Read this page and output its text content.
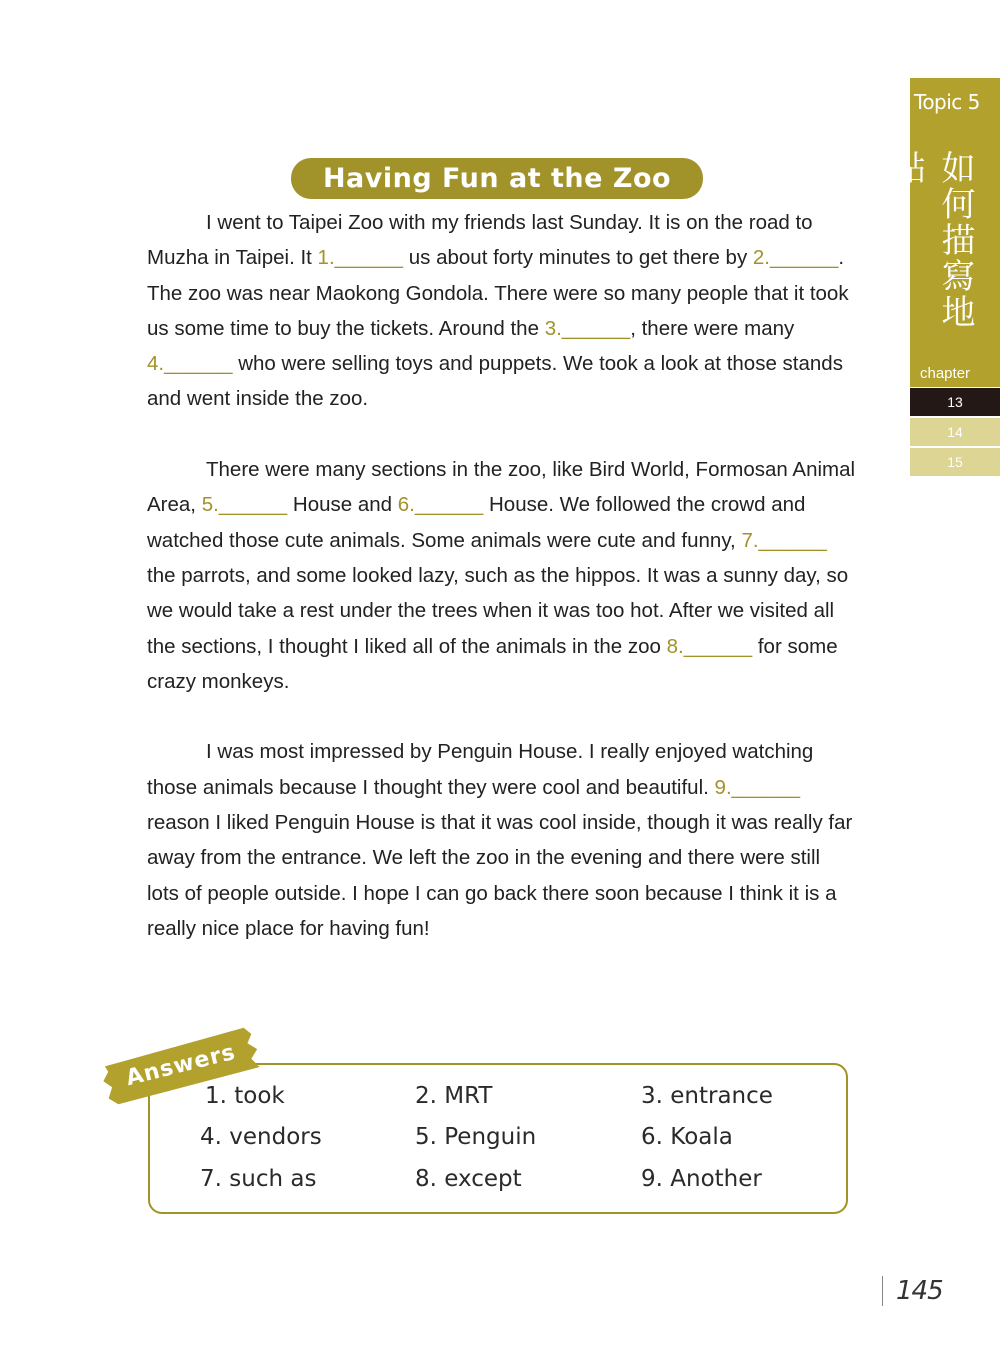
Topic 5
如何描寫地點
chapter
13
14
15
Having Fun at the Zoo

I went to Taipei Zoo with my friends last Sunday. It is on the road to Muzha in Taipei. It 1.______ us about forty minutes to get there by 2.______. The zoo was near Maokong Gondola. There were so many people that it took us some time to buy the tickets. Around the 3.______, there were many 4.______ who were selling toys and puppets. We took a look at those stands and went inside the zoo.

There were many sections in the zoo, like Bird World, Formosan Animal Area, 5.______ House and 6.______ House. We followed the crowd and watched those cute animals. Some animals were cute and funny, 7.______ the parrots, and some looked lazy, such as the hippos. It was a sunny day, so we would take a rest under the trees when it was too hot. After we visited all the sections, I thought I liked all of the animals in the zoo 8.______ for some crazy monkeys.

I was most impressed by Penguin House. I really enjoyed watching those animals because I thought they were cool and beautiful. 9.______ reason I liked Penguin House is that it was cool inside, though it was really far away from the entrance. We left the zoo in the evening and there were still lots of people outside. I hope I can go back there soon because I think it is a really nice place for having fun!

Answers
1. took	2. MRT	3. entrance
4. vendors	5. Penguin	6. Koala
7. such as	8. except	9. Another
145
